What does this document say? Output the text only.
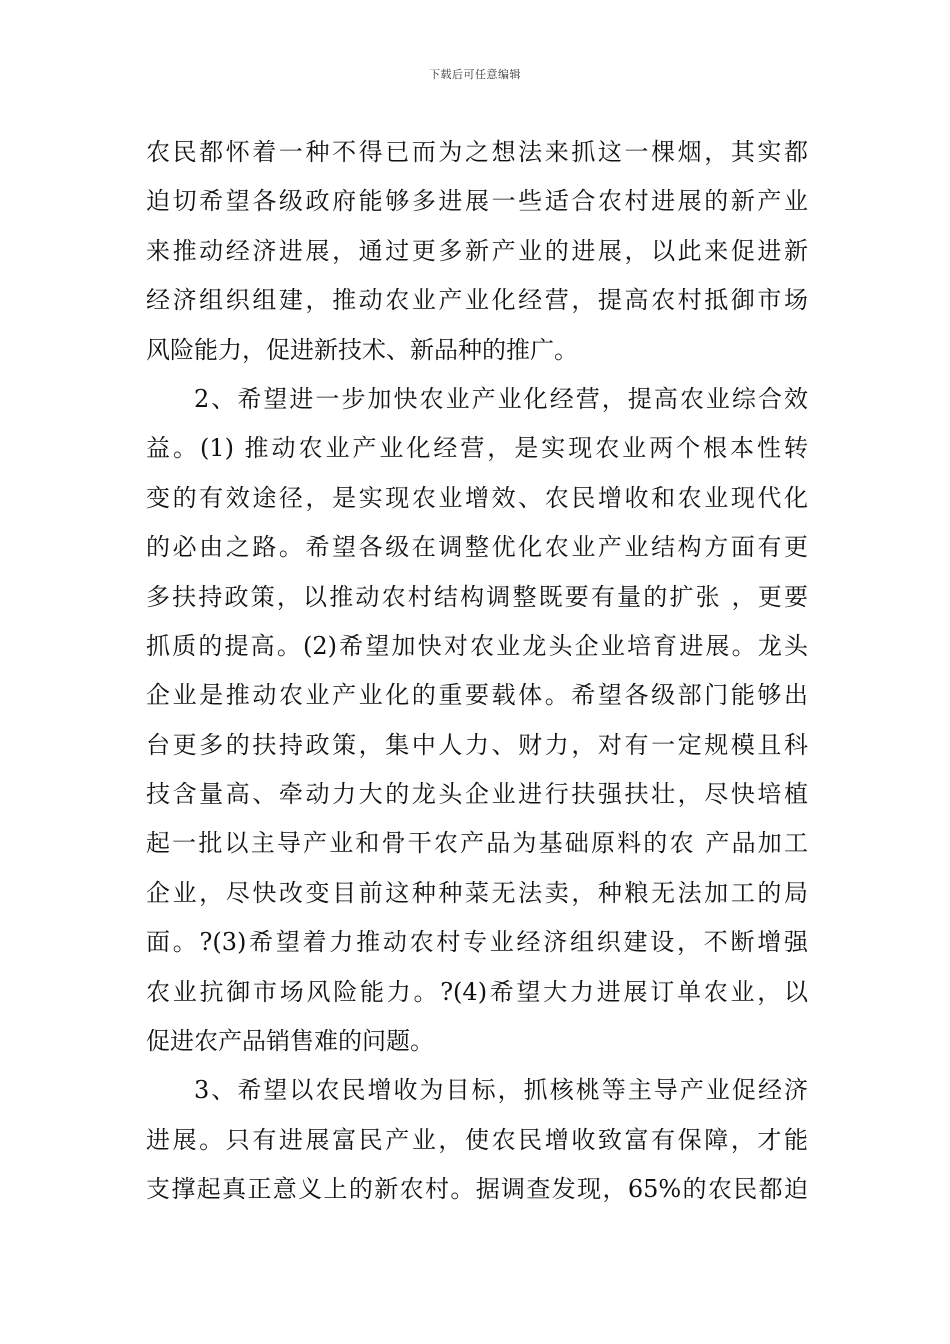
下载后可任意编辑
农民都怀着一种不得已而为之想法来抓这一棵烟，其实都
迫切希望各级政府能够多进展一些适合农村进展的新产业
来推动经济进展，通过更多新产业的进展，以此来促进新
经济组织组建，推动农业产业化经营，提高农村抵御市场
风险能力，促进新技术、新品种的推广。
2、希望进一步加快农业产业化经营，提高农业综合效
益。(1) 推动农业产业化经营，是实现农业两个根本性转
变的有效途径，是实现农业增效、农民增收和农业现代化
的必由之路。希望各级在调整优化农业产业结构方面有更
多扶持政策，以推动农村结构调整既要有量的扩张 ，更要
抓质的提高。(2)希望加快对农业龙头企业培育进展。龙头
企业是推动农业产业化的重要载体。希望各级部门能够出
台更多的扶持政策，集中人力、财力，对有一定规模且科
技含量高、牵动力大的龙头企业进行扶强扶壮，尽快培植
起一批以主导产业和骨干农产品为基础原料的农 产品加工
企业，尽快改变目前这种种菜无法卖，种粮无法加工的局
面。?(3)希望着力推动农村专业经济组织建设，不断增强
农业抗御市场风险能力。?(4)希望大力进展订单农业，以
促进农产品销售难的问题。
3、希望以农民增收为目标，抓核桃等主导产业促经济
进展。只有进展富民产业，使农民增收致富有保障，才能
支撑起真正意义上的新农村。据调查发现，65%的农民都迫
